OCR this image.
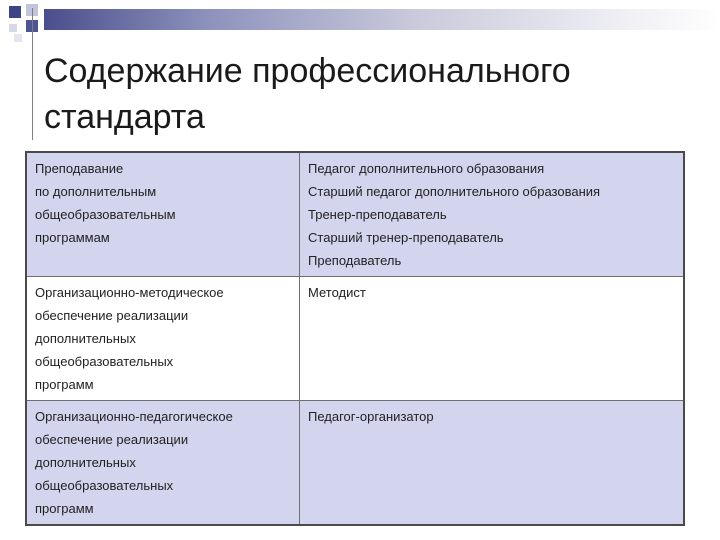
Содержание профессионального
стандарта
Преподавание
по дополнительным
общеобразовательным
программам	Педагог дополнительного образования
Старший педагог дополнительного образования
Тренер-преподаватель
Старший тренер-преподаватель
Преподаватель

Организационно-методическое
обеспечение реализации
дополнительных
общеобразовательных
программ	Методист

Организационно-педагогическое
обеспечение реализации
дополнительных
общеобразовательных
программ	Педагог-организатор
